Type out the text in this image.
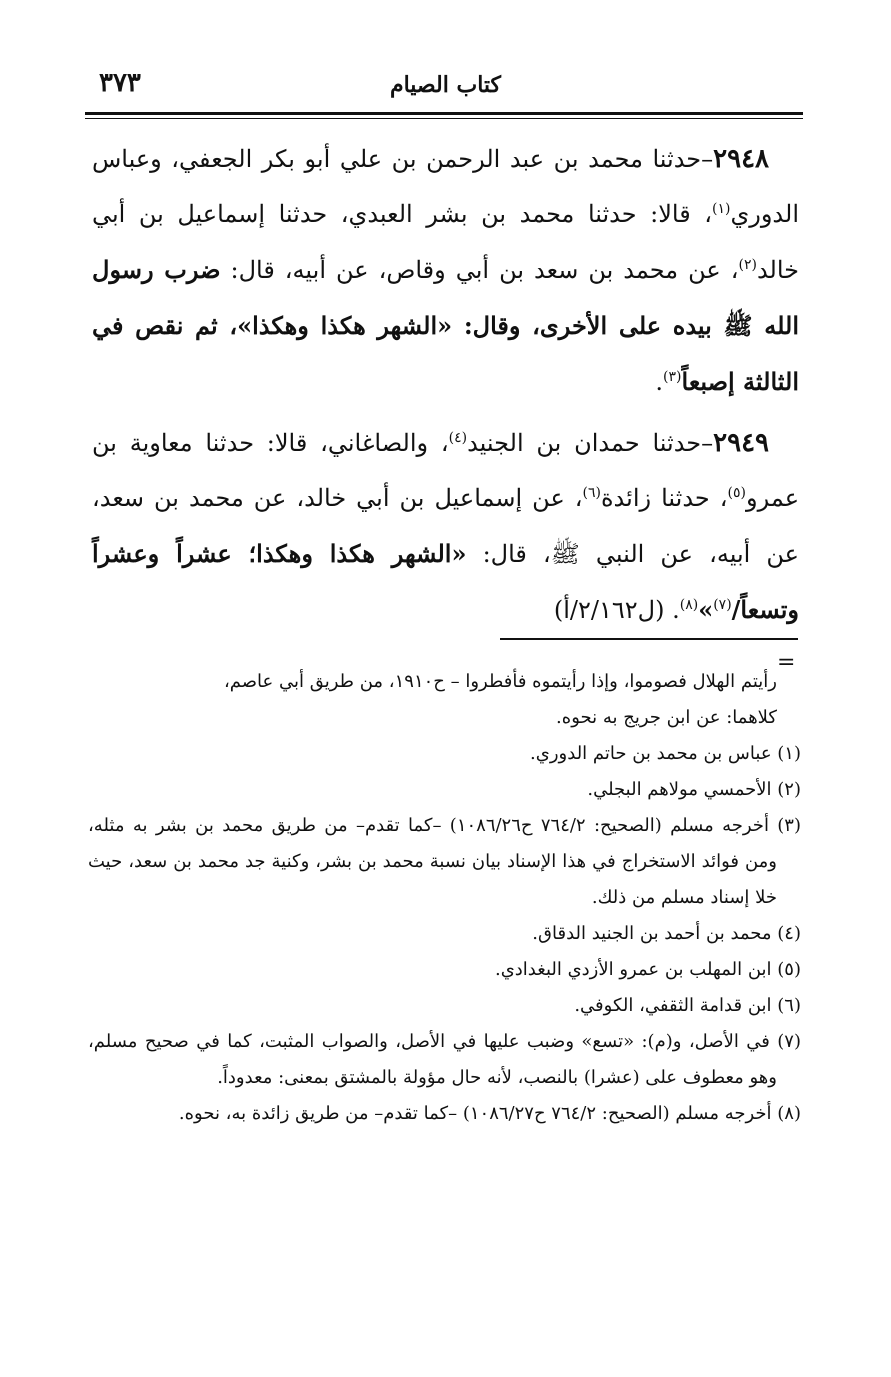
كتاب الصيام
٣٧٣

٢٩٤٨–حدثنا محمد بن عبد الرحمن بن علي أبو بكر الجعفي، وعباس الدوري$^{(١)}$، قالا: حدثنا محمد بن بشر العبدي، حدثنا إسماعيل بن أبي خالد$^{(٢)}$، عن محمد بن سعد بن أبي وقاص، عن أبيه، قال: ضرب رسول الله ﷺ بيده على الأخرى، وقال: «الشهر هكذا وهكذا»، ثم نقص في الثالثة إصبعاً$^{(٣)}$.

٢٩٤٩–حدثنا حمدان بن الجنيد$^{(٤)}$، والصاغاني، قالا: حدثنا معاوية بن عمرو$^{(٥)}$، حدثنا زائدة$^{(٦)}$، عن إسماعيل بن أبي خالد، عن محمد بن سعد، عن أبيه، عن النبي ﷺ، قال: «الشهر هكذا وهكذا؛ عشراً وعشراً وتسعاً/$^{(٧)}$»$^{(٨)}$. (ل٢/١٦٢/أ)

=

رأيتم الهلال فصوموا، وإذا رأيتموه فأفطروا – ح١٩١٠، من طريق أبي عاصم،

كلاهما: عن ابن جريج به نحوه.

(١) عباس بن محمد بن حاتم الدوري.

(٢) الأحمسي مولاهم البجلي.

(٣) أخرجه مسلم (الصحيح: ٧٦٤/٢ ح١٠٨٦/٢٦) –كما تقدم– من طريق محمد بن بشر به مثله، ومن فوائد الاستخراج في هذا الإسناد بيان نسبة محمد بن بشر، وكنية جد محمد بن سعد، حيث خلا إسناد مسلم من ذلك.

(٤) محمد بن أحمد بن الجنيد الدقاق.

(٥) ابن المهلب بن عمرو الأزدي البغدادي.

(٦) ابن قدامة الثقفي، الكوفي.

(٧) في الأصل، و(م): «تسع» وضبب عليها في الأصل، والصواب المثبت، كما في صحيح مسلم، وهو معطوف على (عشرا) بالنصب، لأنه حال مؤولة بالمشتق بمعنى: معدوداً.

(٨) أخرجه مسلم (الصحيح: ٧٦٤/٢ ح١٠٨٦/٢٧) –كما تقدم– من طريق زائدة به، نحوه.
